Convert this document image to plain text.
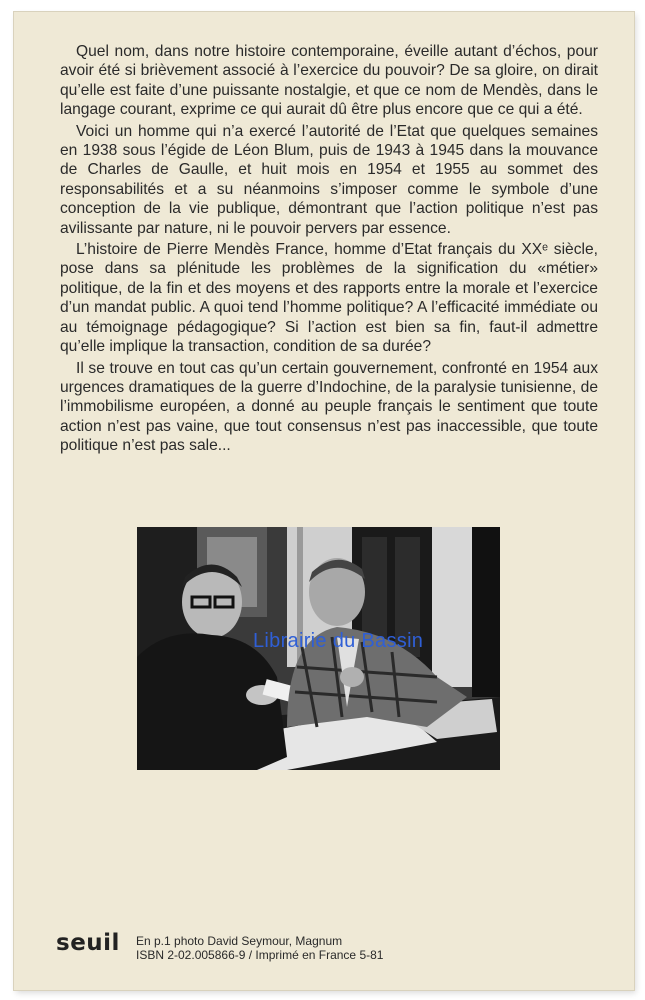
Quel nom, dans notre histoire contemporaine, éveille autant d’échos, pour avoir été si brièvement associé à l’exercice du pouvoir? De sa gloire, on dirait qu’elle est faite d’une puissante nostalgie, et que ce nom de Mendès, dans le langage courant, exprime ce qui aurait dû être plus encore que ce qui a été.

Voici un homme qui n’a exercé l’autorité de l’Etat que quelques semaines en 1938 sous l’égide de Léon Blum, puis de 1943 à 1945 dans la mouvance de Charles de Gaulle, et huit mois en 1954 et 1955 au sommet des responsabilités et a su néanmoins s’imposer comme le symbole d’une conception de la vie publique, démontrant que l’action politique n’est pas avilissante par nature, ni le pouvoir pervers par essence.

L’histoire de Pierre Mendès France, homme d’Etat français du XXᵉ siècle, pose dans sa plénitude les problèmes de la signification du «métier» politique, de la fin et des moyens et des rapports entre la morale et l’exercice d’un mandat public. A quoi tend l’homme politique? A l’efficacité immédiate ou au témoignage pédagogique? Si l’action est bien sa fin, faut-il admettre qu’elle implique la transaction, condition de sa durée?

Il se trouve en tout cas qu’un certain gouvernement, confronté en 1954 aux urgences dramatiques de la guerre d’Indochine, de la paralysie tunisienne, de l’immobilisme européen, a donné au peuple français le sentiment que toute action n’est pas vaine, que tout consensus n’est pas inaccessible, que toute politique n’est pas sale...

Librairie du Bassin
seuil En p.1 photo David Seymour, Magnum
ISBN 2-02.005866-9 / Imprimé en France 5-81
